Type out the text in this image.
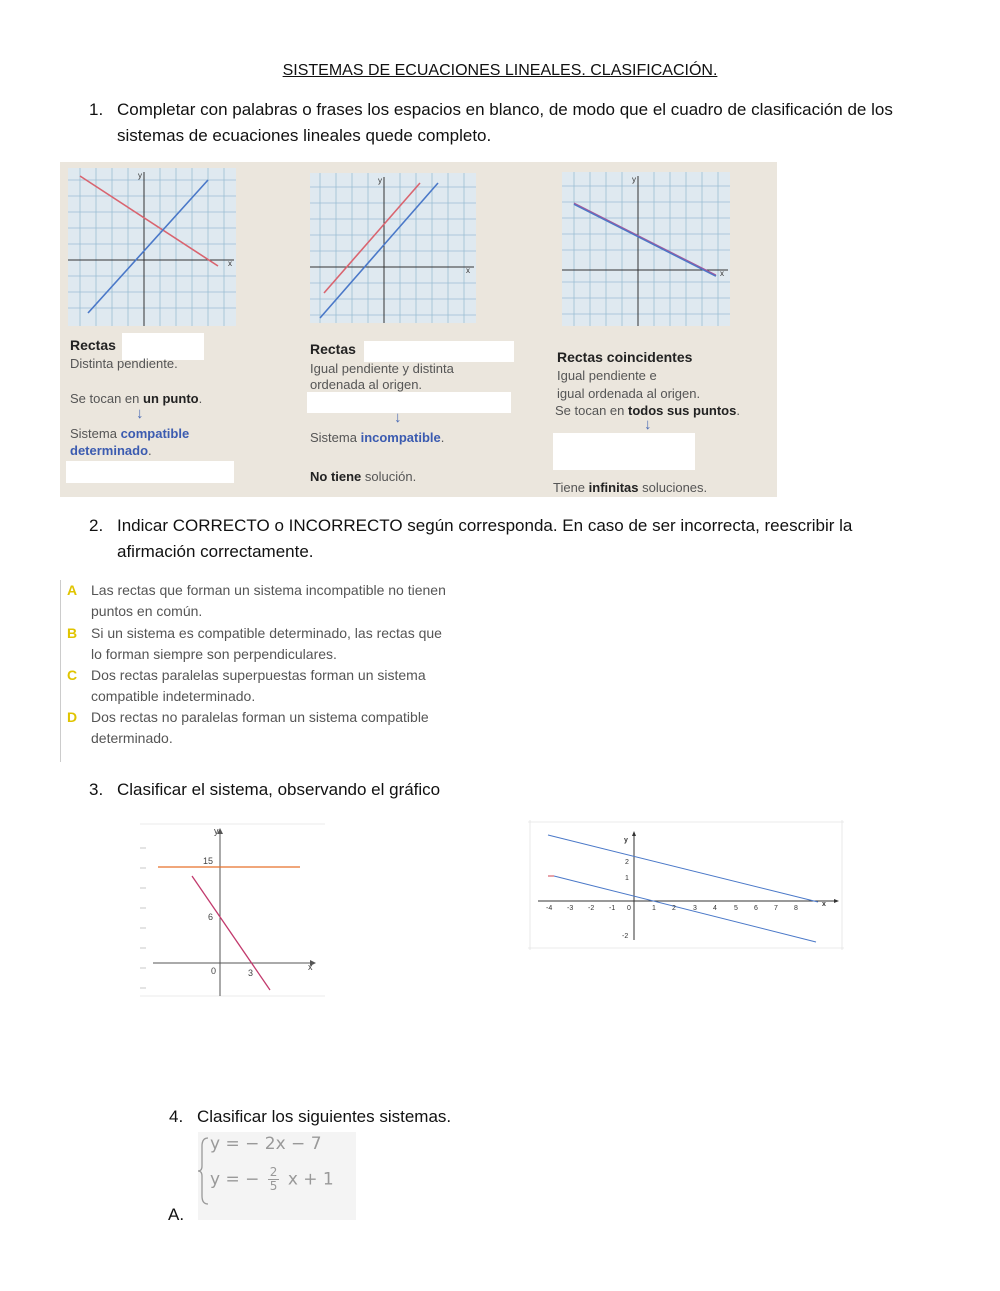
SISTEMAS DE ECUACIONES LINEALES. CLASIFICACIÓN.
1. Completar con palabras o frases los espacios en blanco, de modo que el cuadro de clasificación de los
sistemas de ecuaciones lineales quede completo.
x
y
x
y
x
y
Rectas
Distinta pendiente.
Se tocan en un punto.
↓
Sistema compatible
determinado.
Rectas
Igual pendiente y distinta
ordenada al origen.
↓
Sistema incompatible.
No tiene solución.
Rectas coincidentes
Igual pendiente e
igual ordenada al origen.
Se tocan en todos sus puntos.
↓
Tiene infinitas soluciones.
2. Indicar CORRECTO o INCORRECTO según corresponda. En caso de ser incorrecta, reescribir la
afirmación correctamente.
A Las rectas que forman un sistema incompatible no tienen
puntos en común.
B Si un sistema es compatible determinado, las rectas que
lo forman siempre son perpendiculares.
C Dos rectas paralelas superpuestas forman un sistema
compatible indeterminado.
D Dos rectas no paralelas forman un sistema compatible
determinado.
3. Clasificar el sistema, observando el gráfico
y
x
15
6
0	3
y
x
-4 -3 -2 -1 0	1 2 3 4 5 6 7 8
2
1
-2
4. Clasificar los siguientes sistemas.
A.
y = − 2x − 7
y = − $\frac{2}{5}$ x + 1
